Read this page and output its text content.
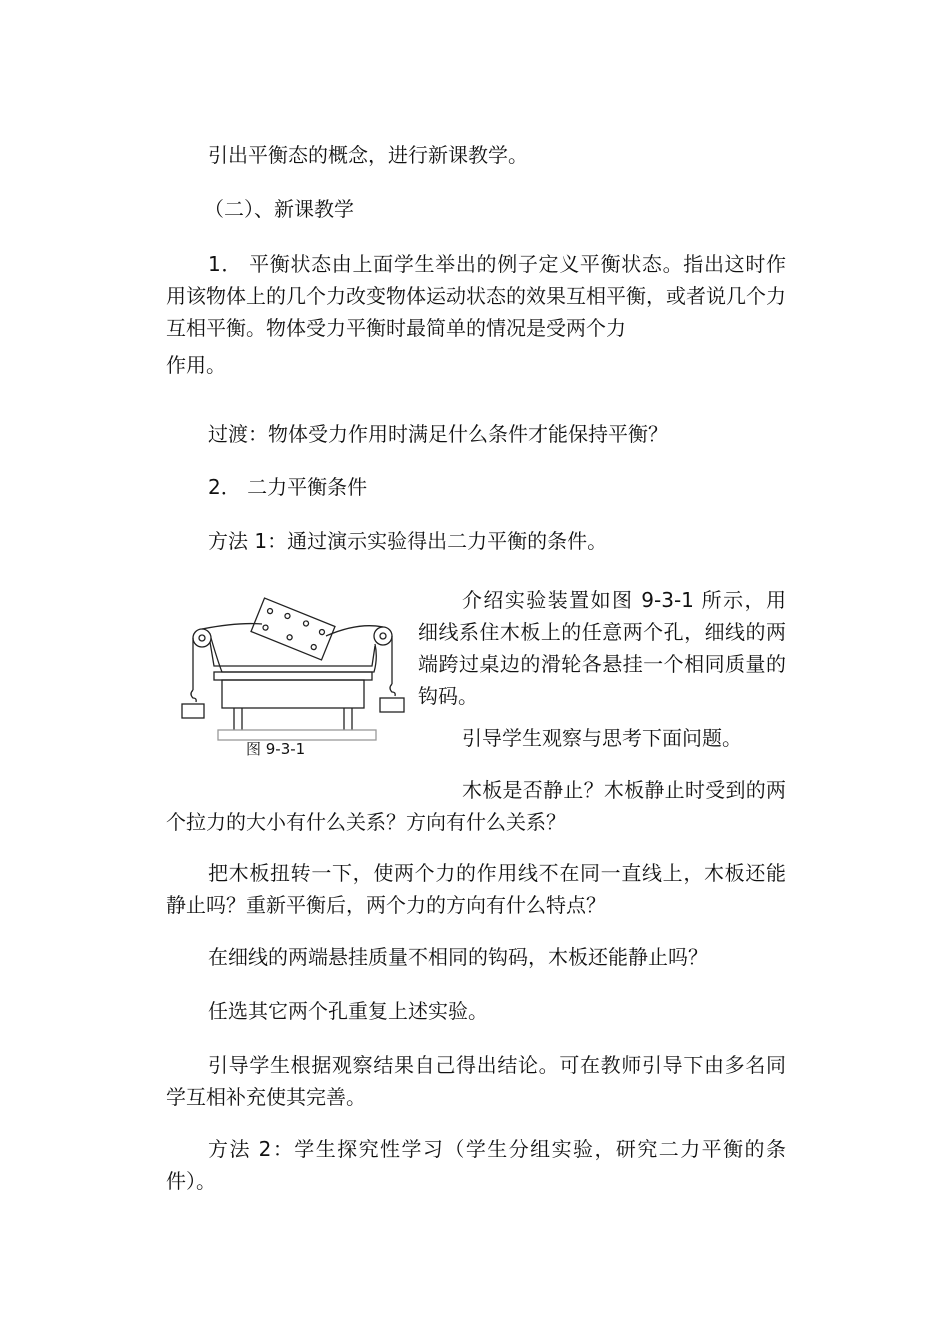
引出平衡态的概念，进行新课教学。

（二）、新课教学

1． 平衡状态由上面学生举出的例子定义平衡状态。指出这时作用该物体上的几个力改变物体运动状态的效果互相平衡，或者说几个力互相平衡。物体受力平衡时最简单的情况是受两个力

作用。

过渡：物体受力作用时满足什么条件才能保持平衡？

2． 二力平衡条件

方法 1：通过演示实验得出二力平衡的条件。

图 9-3-1

介绍实验装置如图 9-3-1 所示，用细线系住木板上的任意两个孔，细线的两端跨过桌边的滑轮各悬挂一个相同质量的钩码。

引导学生观察与思考下面问题。

木板是否静止？木板静止时受到的两个拉力的大小有什么关系？方向有什么关系？

把木板扭转一下，使两个力的作用线不在同一直线上，木板还能静止吗？重新平衡后，两个力的方向有什么特点？

在细线的两端悬挂质量不相同的钩码，木板还能静止吗？

任选其它两个孔重复上述实验。

引导学生根据观察结果自己得出结论。可在教师引导下由多名同学互相补充使其完善。

方法 2：学生探究性学习（学生分组实验，研究二力平衡的条件）。
